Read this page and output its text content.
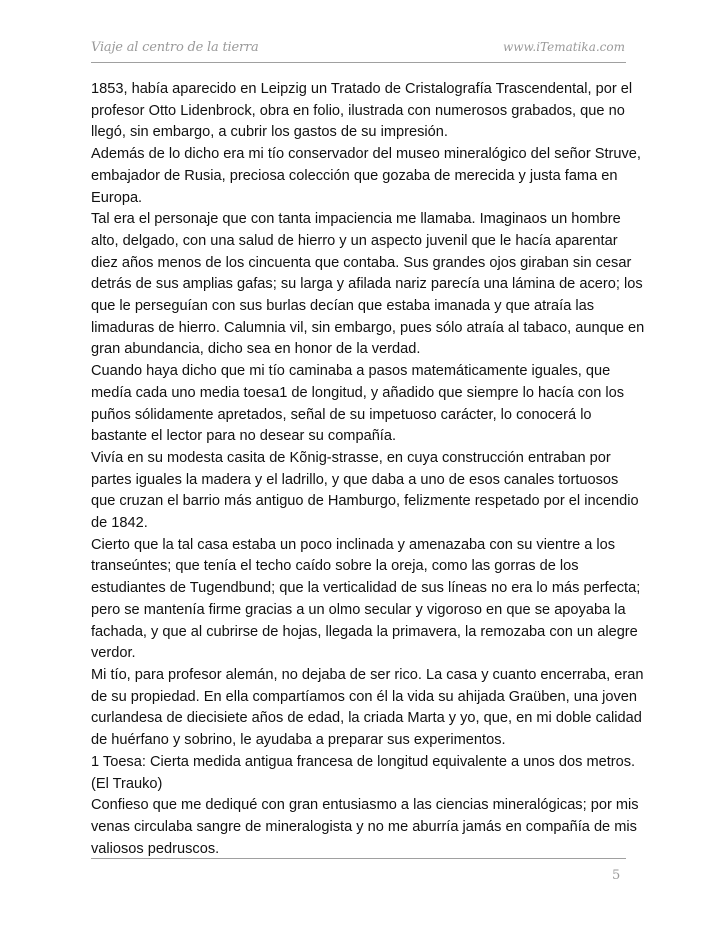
Viaje al centro de la tierra	www.iTematika.com

1853, había aparecido en Leipzig un Tratado de Cristalografía Trascendental, por el

profesor Otto Lidenbrock, obra en folio, ilustrada con numerosos grabados, que no

llegó, sin embargo, a cubrir los gastos de su impresión.

Además de lo dicho era mi tío conservador del museo mineralógico del señor Struve,

embajador de Rusia, preciosa colección que gozaba de merecida y justa fama en

Europa.

Tal era el personaje que con tanta impaciencia me llamaba. Imaginaos un hombre

alto, delgado, con una salud de hierro y un aspecto juvenil que le hacía aparentar

diez años menos de los cincuenta que contaba. Sus grandes ojos giraban sin cesar

detrás de sus amplias gafas; su larga y afilada nariz parecía una lámina de acero; los

que le perseguían con sus burlas decían que estaba imanada y que atraía las

limaduras de hierro. Calumnia vil, sin embargo, pues sólo atraía al tabaco, aunque en

gran abundancia, dicho sea en honor de la verdad.

Cuando haya dicho que mi tío caminaba a pasos matemáticamente iguales, que

medía cada uno media toesa1 de longitud, y añadido que siempre lo hacía con los

puños sólidamente apretados, señal de su impetuoso carácter, lo conocerá lo

bastante el lector para no desear su compañía.

Vivía en su modesta casita de Kõnig-strasse, en cuya construcción entraban por

partes iguales la madera y el ladrillo, y que daba a uno de esos canales tortuosos

que cruzan el barrio más antiguo de Hamburgo, felizmente respetado por el incendio

de 1842.

Cierto que la tal casa estaba un poco inclinada y amenazaba con su vientre a los

transeúntes; que tenía el techo caído sobre la oreja, como las gorras de los

estudiantes de Tugendbund; que la verticalidad de sus líneas no era lo más perfecta;

pero se mantenía firme gracias a un olmo secular y vigoroso en que se apoyaba la

fachada, y que al cubrirse de hojas, llegada la primavera, la remozaba con un alegre

verdor.

Mi tío, para profesor alemán, no dejaba de ser rico. La casa y cuanto encerraba, eran

de su propiedad. En ella compartíamos con él la vida su ahijada Graüben, una joven

curlandesa de diecisiete años de edad, la criada Marta y yo, que, en mi doble calidad

de huérfano y sobrino, le ayudaba a preparar sus experimentos.

1 Toesa: Cierta medida antigua francesa de longitud equivalente a unos dos metros.

(El Trauko)

Confieso que me dediqué con gran entusiasmo a las ciencias mineralógicas; por mis

venas circulaba sangre de mineralogista y no me aburría jamás en compañía de mis

valiosos pedruscos.

5
